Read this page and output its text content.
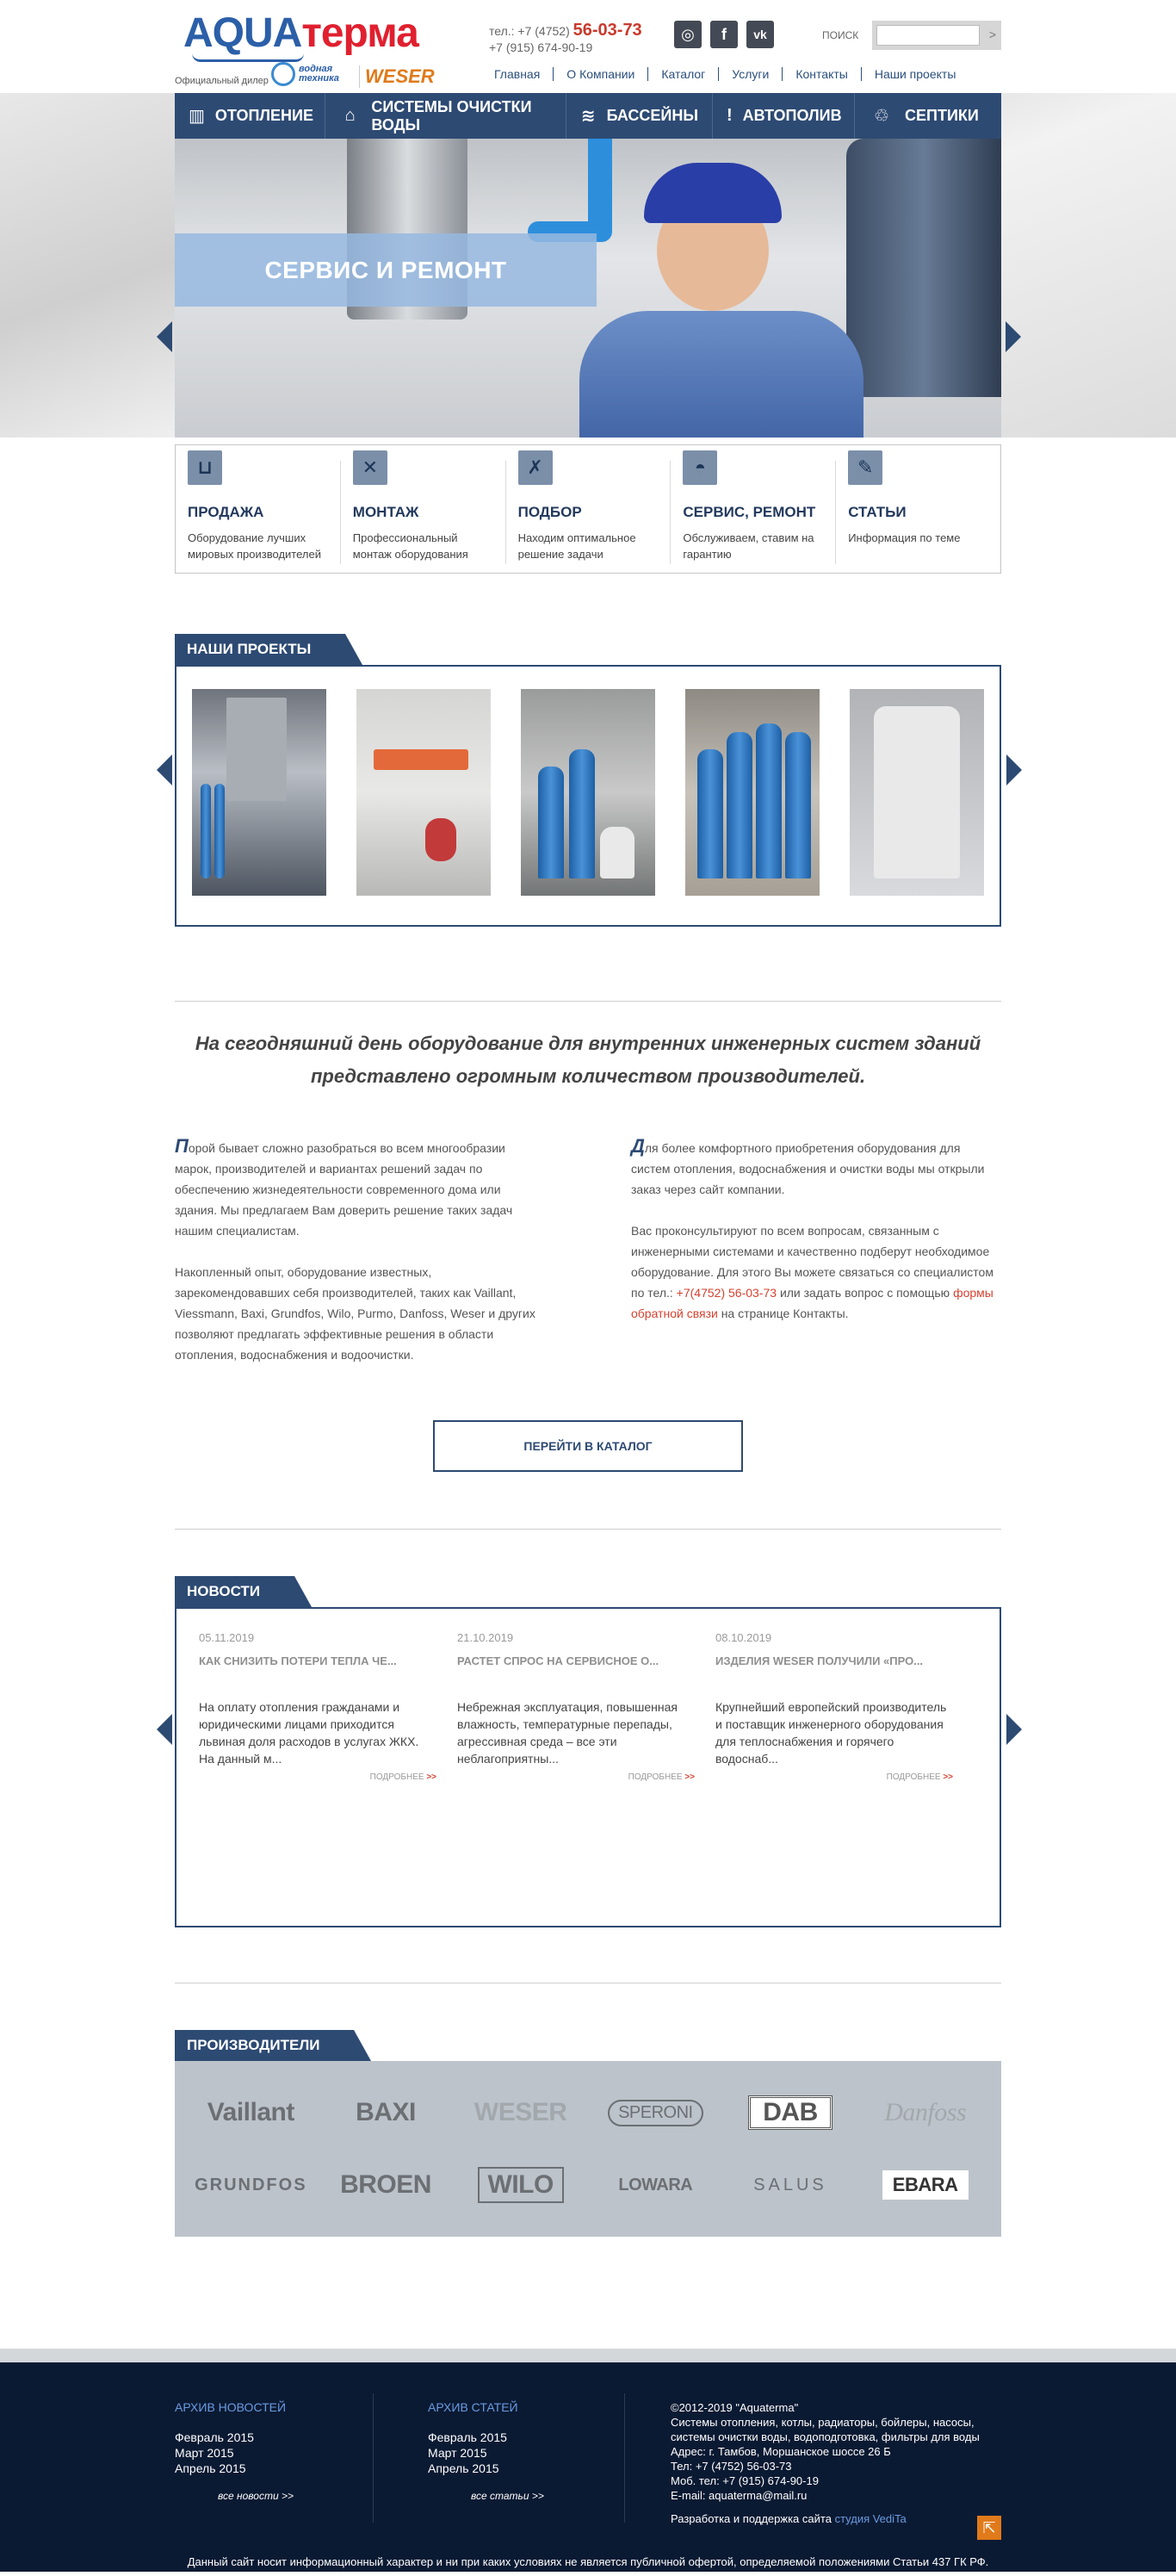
AQUAтерма
Официальный дилер
водная
техника	WESER
тел.: +7 (4752) 56-03-73
+7 (915) 674-90-19
◎	f	vk	ПОИСК	>
Главная	О Компании	Каталог	Услуги	Контакты	Наши проекты
▥ ОТОПЛЕНИЕ	⌂	СИСТЕМЫ ОЧИСТКИ ВОДЫ	≋ БАССЕЙНЫ ! АВТОПОЛИВ	♲	СЕПТИКИ
СЕРВИС И РЕМОНТ
⊔
ПРОДАЖА
Оборудование лучших мировых производителей
✕
МОНТАЖ
Профессиональный монтаж оборудования
✗
ПОДБОР
Находим оптимальное решение задачи
◓
СЕРВИС, РЕМОНТ
Обслуживаем, ставим на гарантию
✎
СТАТЬИ
Информация по теме
НАШИ ПРОЕКТЫ
На сегодняшний день оборудование для внутренних инженерных систем зданий
представлено огромным количеством производителей.

Порой бывает сложно разобраться во всем многообразии марок, производителей и вариантах решений задач по обеспечению жизнедеятельности современного дома или здания. Мы предлагаем Вам доверить решение таких задач нашим специалистам.

Накопленный опыт, оборудование известных, зарекомендовавших себя производителей, таких как Vaillant, Viessmann, Baxi, Grundfos, Wilo, Purmo, Danfoss, Weser и других позволяют предлагать эффективные решения в области отопления, водоснабжения и водоочистки.

Для более комфортного приобретения оборудования для систем отопления, водоснабжения и очистки воды мы открыли заказ через сайт компании.

Вас проконсультируют по всем вопросам, связанным с инженерными системами и качественно подберут необходимое оборудование. Для этого Вы можете связаться со специалистом по тел.: +7(4752) 56-03-73 или задать вопрос с помощью формы обратной связи на странице Контакты.

ПЕРЕЙТИ В КАТАЛОГ
НОВОСТИ
05.11.2019
КАК СНИЗИТЬ ПОТЕРИ ТЕПЛА ЧЕ...
На оплату отопления гражданами и юридическими лицами приходится львиная доля расходов в услугах ЖКХ. На данный м...
ПОДРОБНЕЕ >>
21.10.2019
РАСТЕТ СПРОС НА СЕРВИСНОЕ О...
Небрежная эксплуатация, повышенная влажность, температурные перепады, агрессивная среда – все эти неблагоприятны...
ПОДРОБНЕЕ >>
08.10.2019
ИЗДЕЛИЯ WESER ПОЛУЧИЛИ «ПРО...
Крупнейший европейский производитель и поставщик инженерного оборудования для теплоснабжения и горячего водоснаб...
ПОДРОБНЕЕ >>
ПРОИЗВОДИТЕЛИ
Vaillant BAXI WESER	SPERONI	DAB	Danfoss
GRUNDFOS BROEN	WILO	LOWARA	SALUS	EBARA
АРХИВ НОВОСТЕЙ
Февраль 2015
Март 2015
Апрель 2015
все новости >>
АРХИВ СТАТЕЙ
Февраль 2015
Март 2015
Апрель 2015
все статьи >>
©2012-2019 "Aquaterma"
Системы отопления, котлы, радиаторы, бойлеры, насосы, системы очистки воды, водоподготовка, фильтры для воды
Адрес: г. Тамбов, Моршанское шоссе 26 Б
Тел: +7 (4752) 56-03-73
Моб. тел: +7 (915) 674-90-19
E-mail: aquaterma@mail.ru
Разработка и поддержка сайта студия VediTa	⇱
Данный сайт носит информационный характер и ни при каких условиях не является публичной офертой, определяемой положениями Статьи 437 ГК РФ.
